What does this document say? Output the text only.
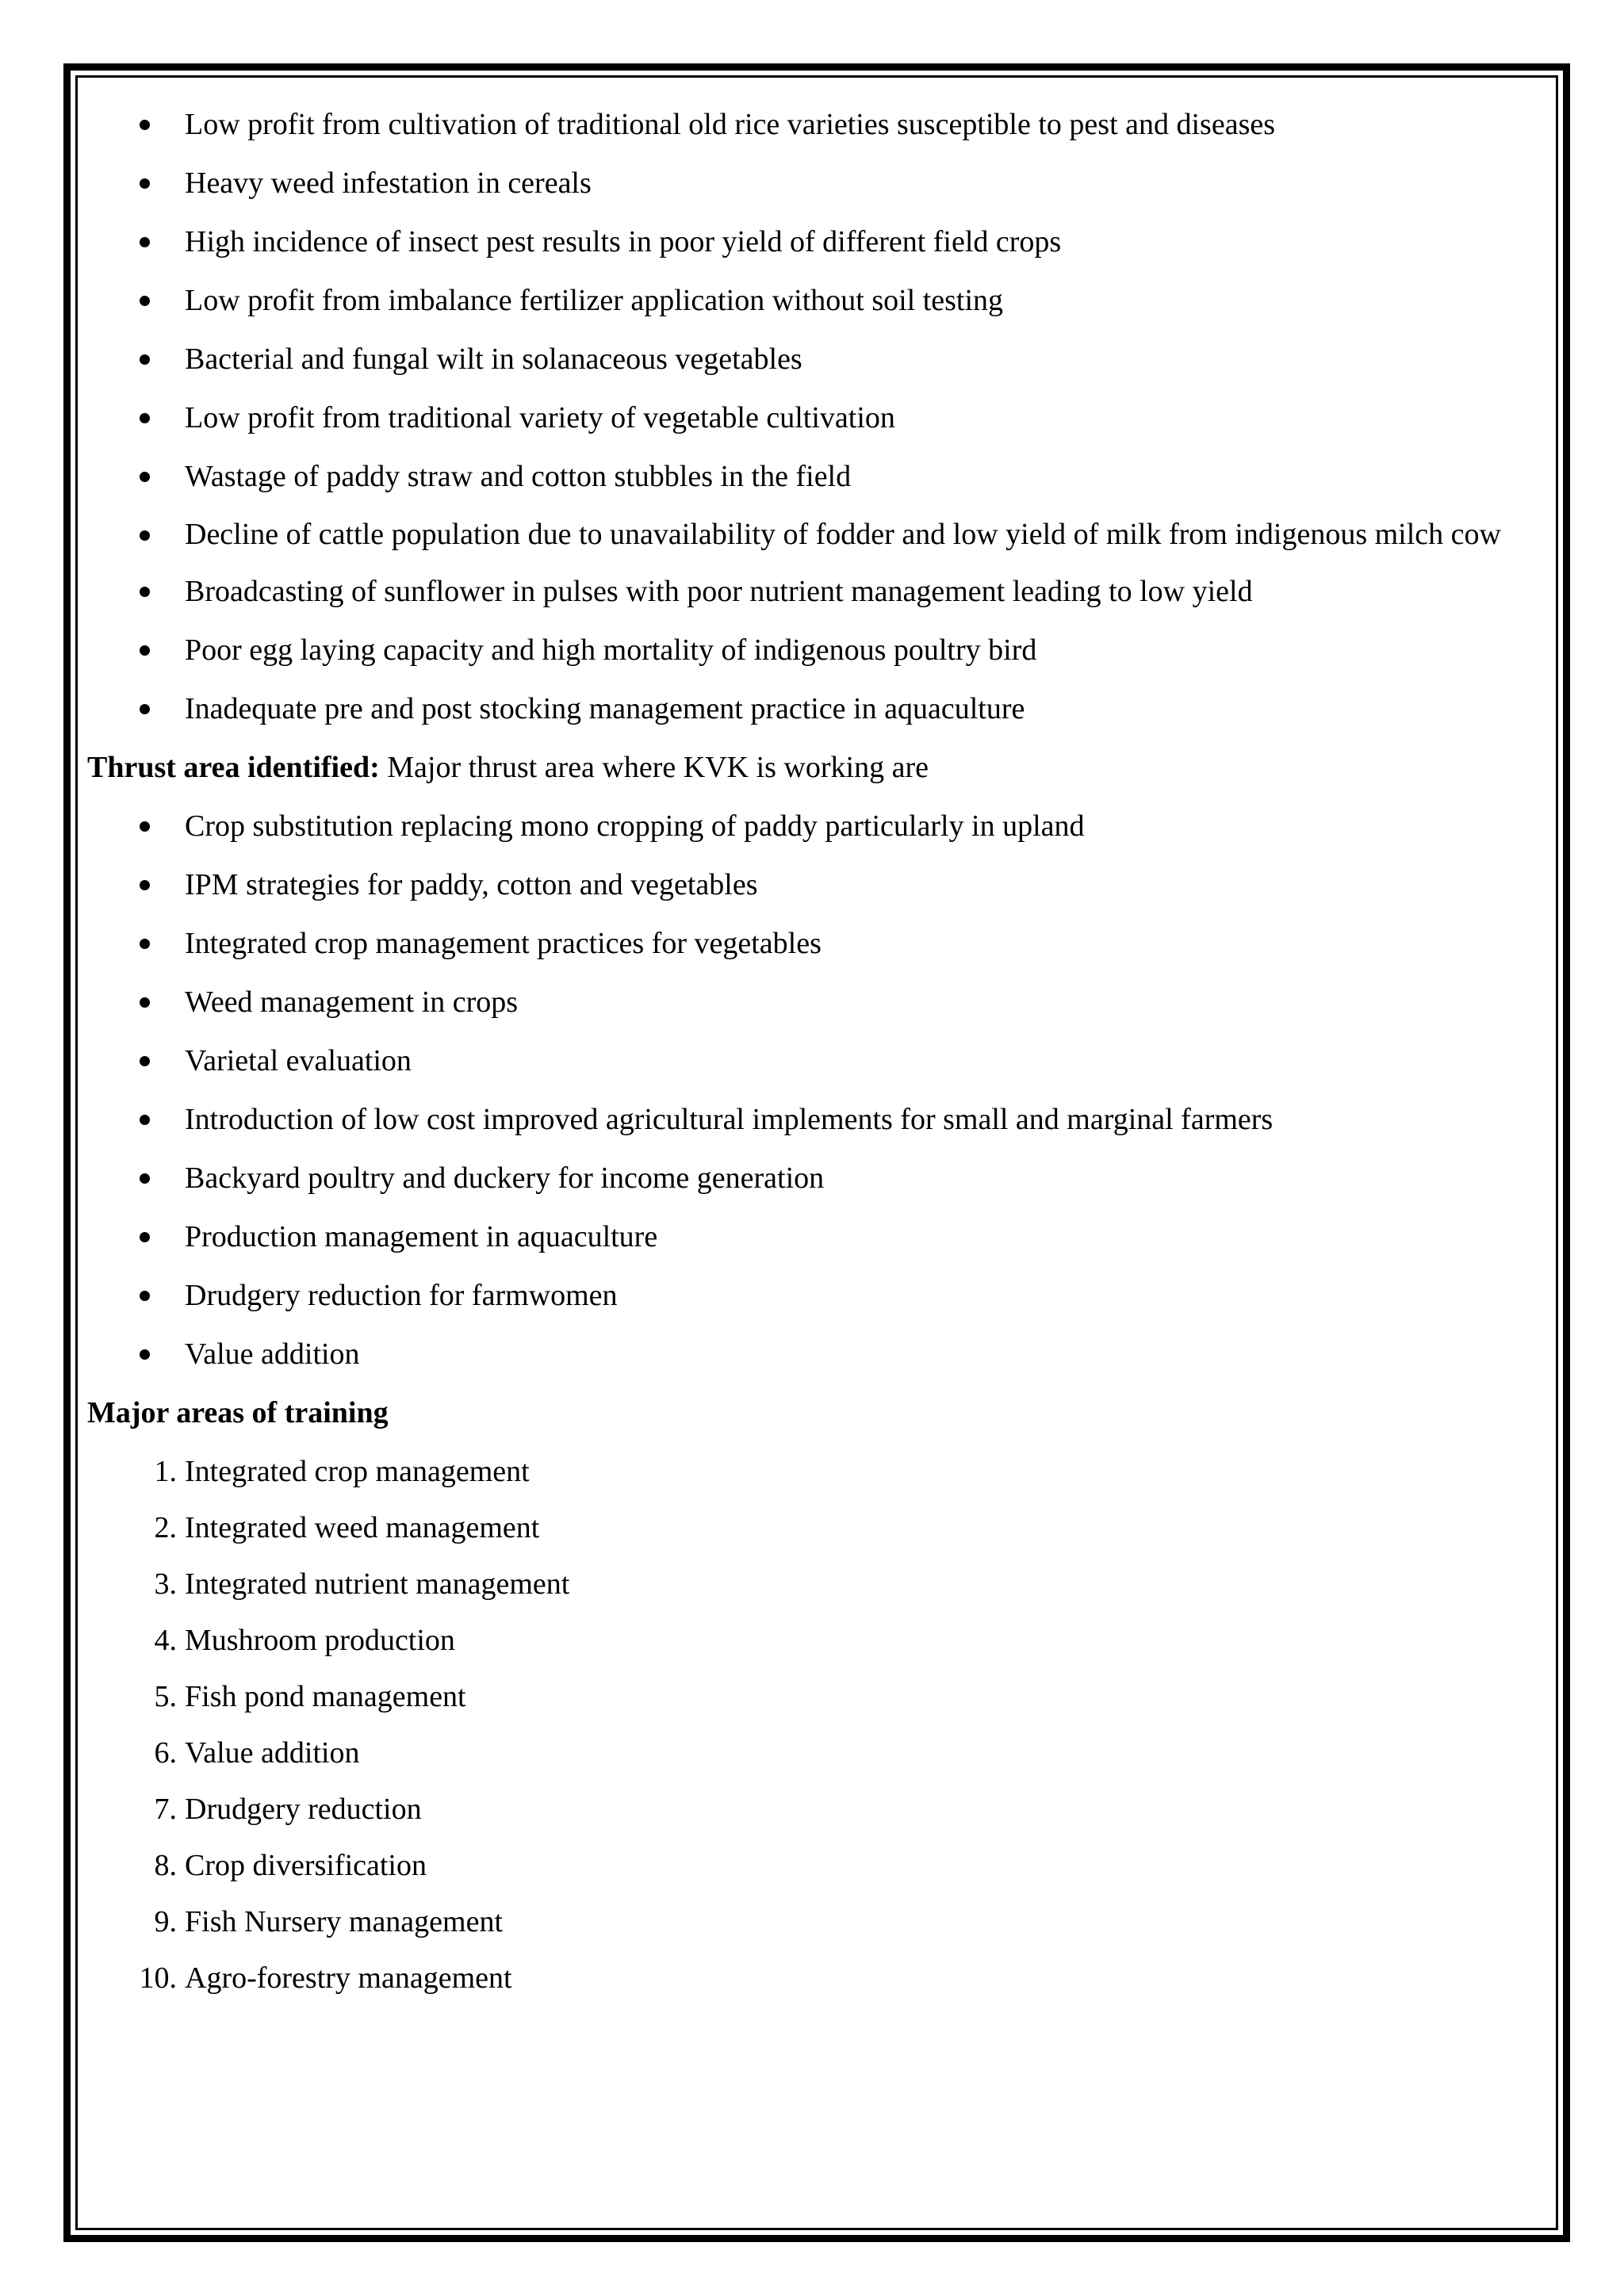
Low profit from cultivation of traditional old rice varieties susceptible to pest and diseases
Heavy weed infestation in cereals
High incidence of insect pest results in poor yield of different field crops
Low profit from imbalance fertilizer application without soil testing
Bacterial and fungal wilt in solanaceous vegetables
Low profit from traditional variety of vegetable cultivation
Wastage of paddy straw and cotton stubbles in the field
Decline of cattle population due to unavailability of fodder and low yield of milk from indigenous milch cow
Broadcasting of sunflower in pulses with poor nutrient management leading to low yield
Poor egg laying capacity and high mortality of indigenous poultry bird
Inadequate pre and post stocking management practice in aquaculture
Thrust area identified: Major thrust area where KVK is working are
Crop substitution replacing mono cropping of paddy particularly in upland
IPM strategies for paddy, cotton and vegetables
Integrated crop management practices for vegetables
Weed management in crops
Varietal evaluation
Introduction of low cost improved agricultural implements for small and marginal farmers
Backyard poultry and duckery for income generation
Production management in aquaculture
Drudgery reduction for farmwomen
Value addition
Major areas of training
1. Integrated crop management
2. Integrated weed management
3. Integrated nutrient management
4. Mushroom production
5. Fish pond management
6. Value addition
7. Drudgery reduction
8. Crop diversification
9. Fish Nursery management
10. Agro-forestry management
